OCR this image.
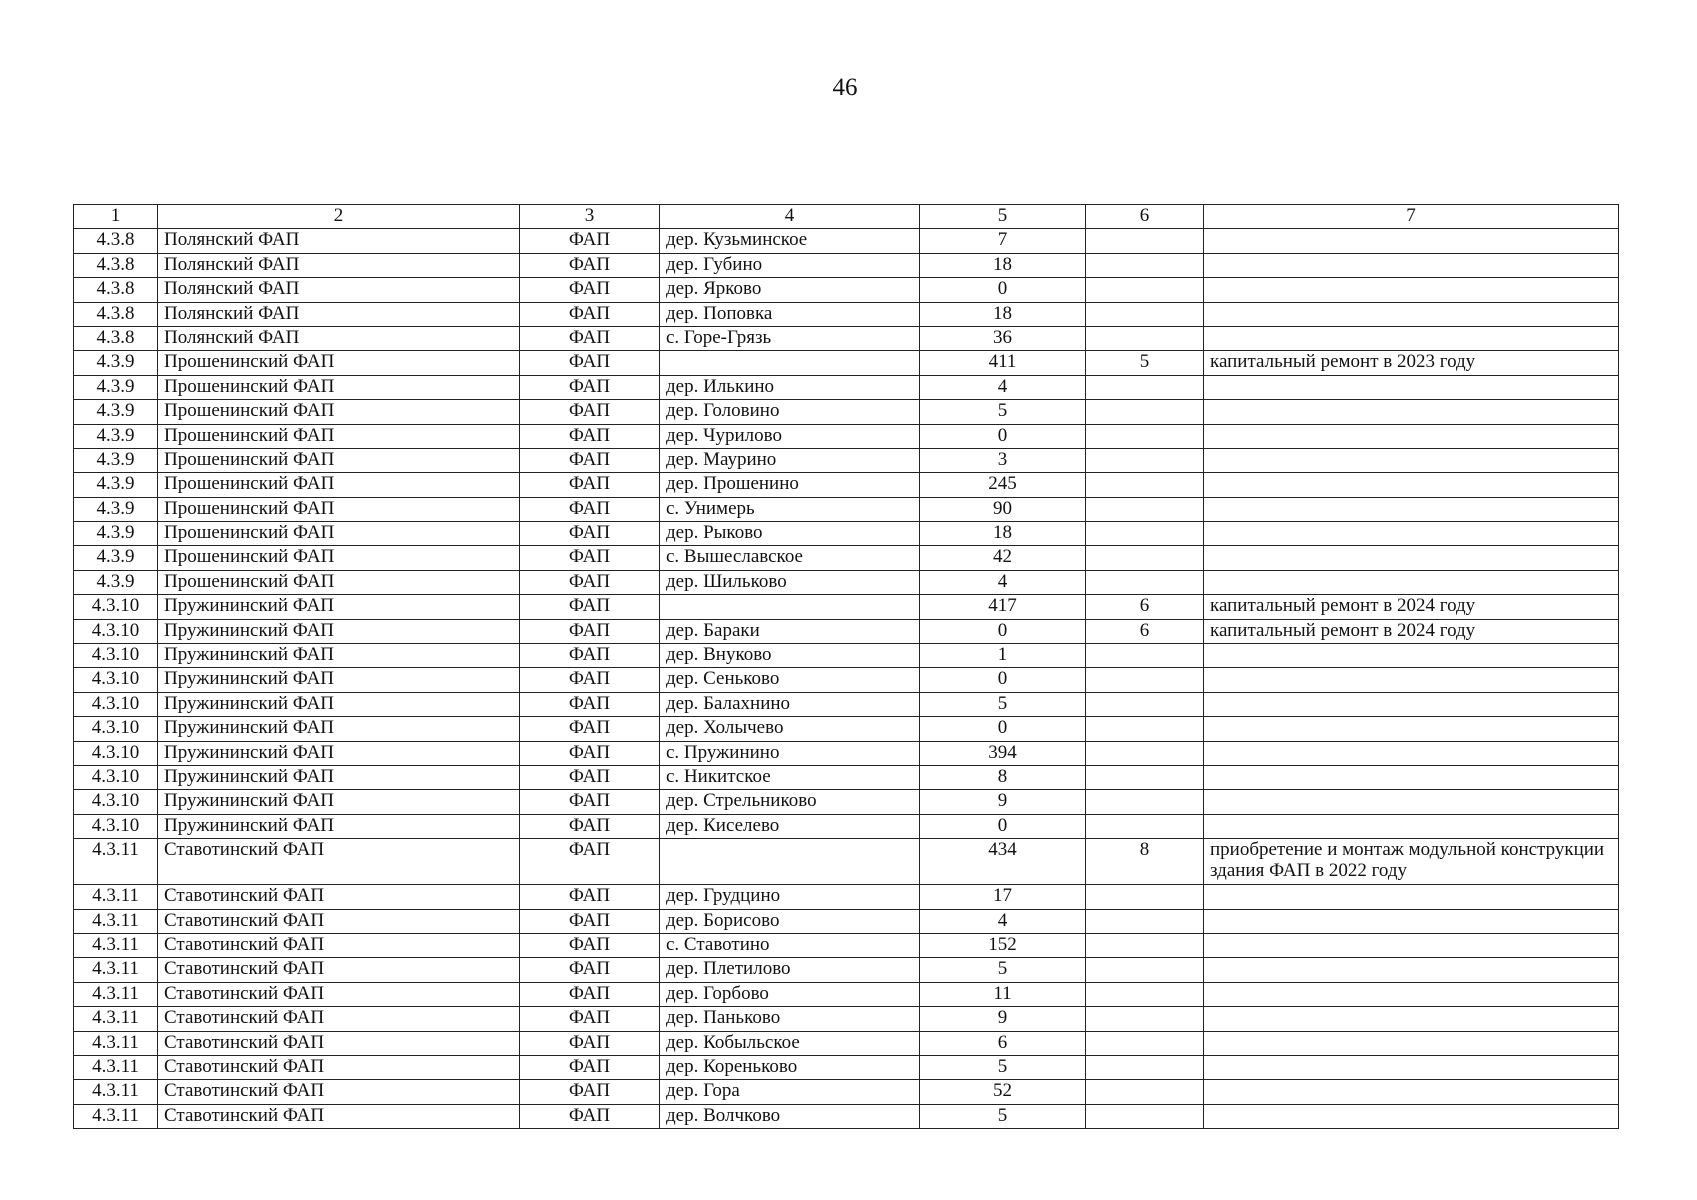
46
1	2	3	4	5	6	7
4.3.8	Полянский ФАП	ФАП	дер. Кузьминское	7		
4.3.8	Полянский ФАП	ФАП	дер. Губино	18		
4.3.8	Полянский ФАП	ФАП	дер. Ярково	0		
4.3.8	Полянский ФАП	ФАП	дер. Поповка	18		
4.3.8	Полянский ФАП	ФАП	с. Горе-Грязь	36		
4.3.9	Прошенинский ФАП	ФАП		411	5	капитальный ремонт в 2023 году
4.3.9	Прошенинский ФАП	ФАП	дер. Илькино	4		
4.3.9	Прошенинский ФАП	ФАП	дер. Головино	5		
4.3.9	Прошенинский ФАП	ФАП	дер. Чурилово	0		
4.3.9	Прошенинский ФАП	ФАП	дер. Маурино	3		
4.3.9	Прошенинский ФАП	ФАП	дер. Прошенино	245		
4.3.9	Прошенинский ФАП	ФАП	с. Унимерь	90		
4.3.9	Прошенинский ФАП	ФАП	дер. Рыково	18		
4.3.9	Прошенинский ФАП	ФАП	с. Вышеславское	42		
4.3.9	Прошенинский ФАП	ФАП	дер. Шильково	4		
4.3.10	Пружининский ФАП	ФАП		417	6	капитальный ремонт в 2024 году
4.3.10	Пружининский ФАП	ФАП	дер. Бараки	0	6	капитальный ремонт в 2024 году
4.3.10	Пружининский ФАП	ФАП	дер. Внуково	1		
4.3.10	Пружининский ФАП	ФАП	дер. Сеньково	0		
4.3.10	Пружининский ФАП	ФАП	дер. Балахнино	5		
4.3.10	Пружининский ФАП	ФАП	дер. Холычево	0		
4.3.10	Пружининский ФАП	ФАП	с. Пружинино	394		
4.3.10	Пружининский ФАП	ФАП	с. Никитское	8		
4.3.10	Пружининский ФАП	ФАП	дер. Стрельниково	9		
4.3.10	Пружининский ФАП	ФАП	дер. Киселево	0		
4.3.11	Ставотинский ФАП	ФАП		434	8	приобретение и монтаж модульной конструкции здания ФАП в 2022 году
4.3.11	Ставотинский ФАП	ФАП	дер. Грудцино	17		
4.3.11	Ставотинский ФАП	ФАП	дер. Борисово	4		
4.3.11	Ставотинский ФАП	ФАП	с. Ставотино	152		
4.3.11	Ставотинский ФАП	ФАП	дер. Плетилово	5		
4.3.11	Ставотинский ФАП	ФАП	дер. Горбово	11		
4.3.11	Ставотинский ФАП	ФАП	дер. Паньково	9		
4.3.11	Ставотинский ФАП	ФАП	дер. Кобыльское	6		
4.3.11	Ставотинский ФАП	ФАП	дер. Кореньково	5		
4.3.11	Ставотинский ФАП	ФАП	дер. Гора	52		
4.3.11	Ставотинский ФАП	ФАП	дер. Волчково	5		
